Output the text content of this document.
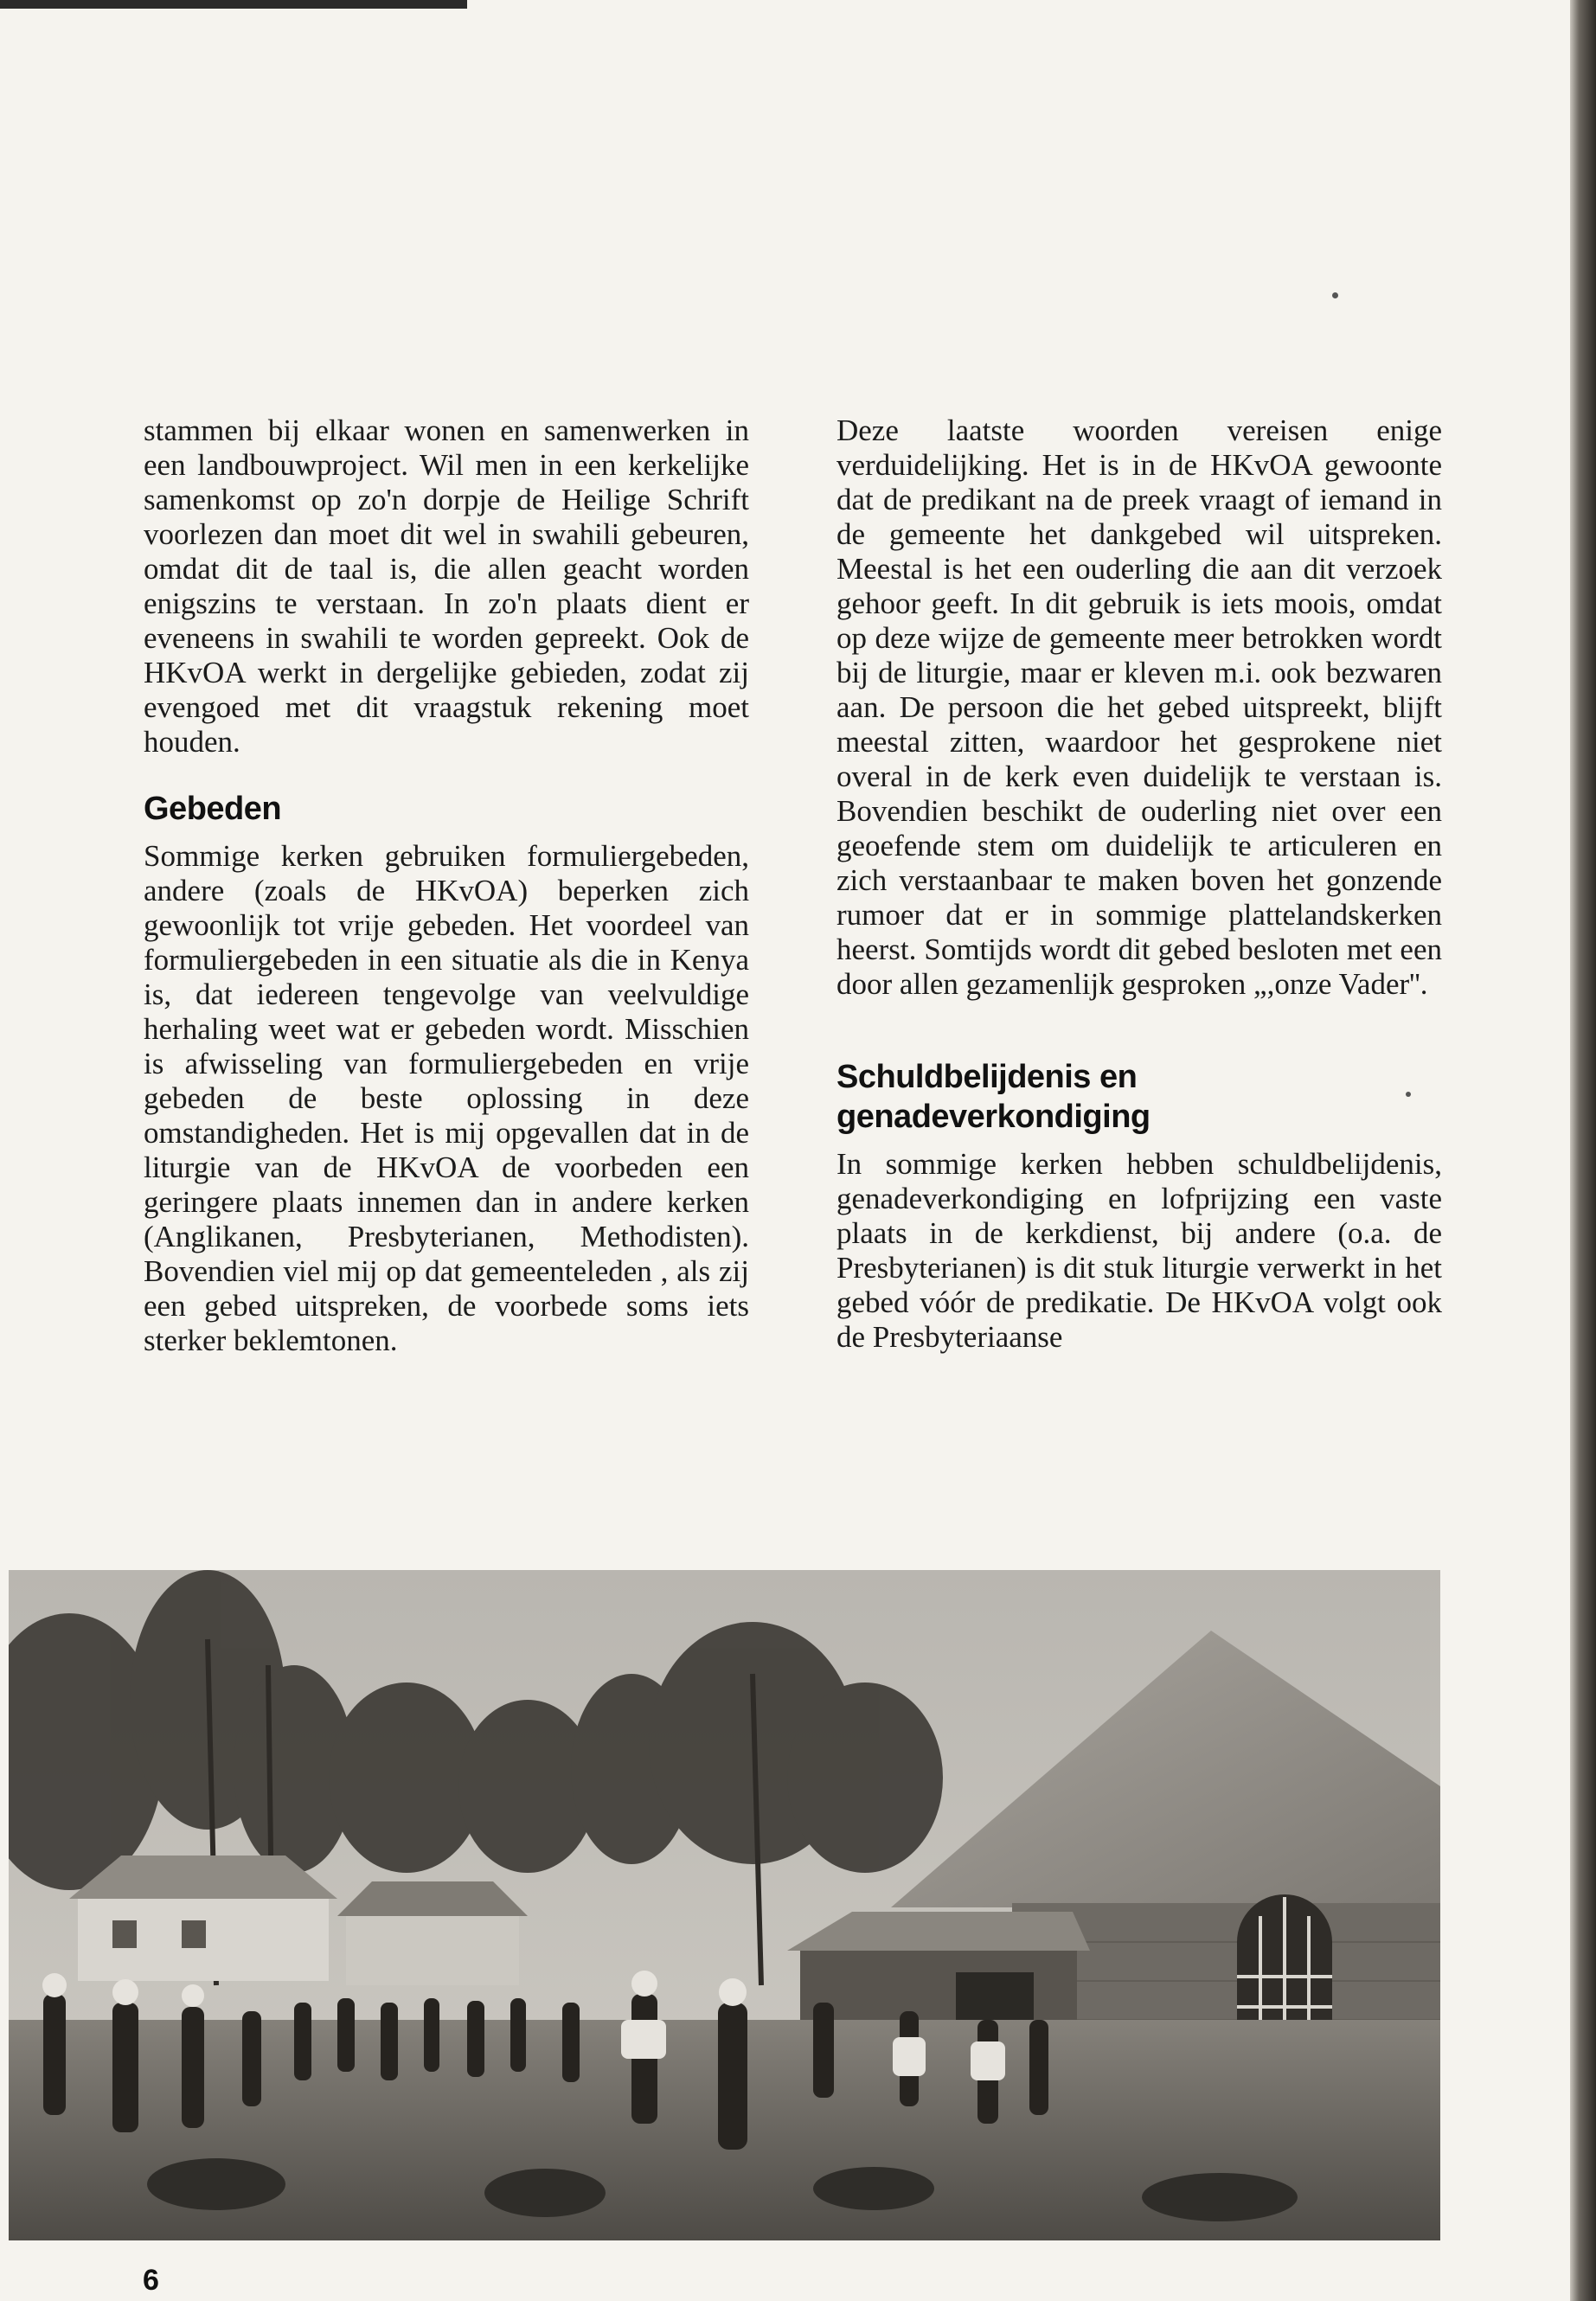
stammen bij elkaar wonen en samenwerken in een landbouwproject. Wil men in een kerkelijke samenkomst op zo'n dorpje de Heilige Schrift voorlezen dan moet dit wel in swahili gebeuren, omdat dit de taal is, die allen geacht worden enigszins te verstaan. In zo'n plaats dient er eveneens in swahili te worden gepreekt. Ook de HKvOA werkt in dergelijke gebieden, zodat zij evengoed met dit vraagstuk rekening moet houden.

Gebeden

Sommige kerken gebruiken formuliergebeden, andere (zoals de HKvOA) beperken zich gewoonlijk tot vrije gebeden. Het voordeel van formuliergebeden in een situatie als die in Kenya is, dat iedereen tengevolge van veelvuldige herhaling weet wat er gebeden wordt. Misschien is afwisseling van formuliergebeden en vrije gebeden de beste oplossing in deze omstandigheden. Het is mij opgevallen dat in de liturgie van de HKvOA de voorbeden een geringere plaats innemen dan in andere kerken (Anglikanen, Presbyterianen, Methodisten). Bovendien viel mij op dat gemeenteleden , als zij een gebed uitspreken, de voorbede soms iets sterker beklemtonen.

Deze laatste woorden vereisen enige verduidelijking. Het is in de HKvOA gewoonte dat de predikant na de preek vraagt of iemand in de gemeente het dankgebed wil uitspreken. Meestal is het een ouderling die aan dit verzoek gehoor geeft. In dit gebruik is iets moois, omdat op deze wijze de gemeente meer betrokken wordt bij de liturgie, maar er kleven m.i. ook bezwaren aan. De persoon die het gebed uitspreekt, blijft meestal zitten, waardoor het gesprokene niet overal in de kerk even duidelijk te verstaan is. Bovendien beschikt de ouderling niet over een geoefende stem om duidelijk te articuleren en zich verstaanbaar te maken boven het gonzende rumoer dat er in sommige plattelandskerken heerst. Somtijds wordt dit gebed besloten met een door allen gezamenlijk gesproken „,onze Vader''.

Schuldbelijdenis en
genadeverkondiging

In sommige kerken hebben schuldbelijdenis, genadeverkondiging en lofprijzing een vaste plaats in de kerkdienst, bij andere (o.a. de Presbyterianen) is dit stuk liturgie verwerkt in het gebed vóór de predikatie. De HKvOA volgt ook de Presbyteriaanse

6
